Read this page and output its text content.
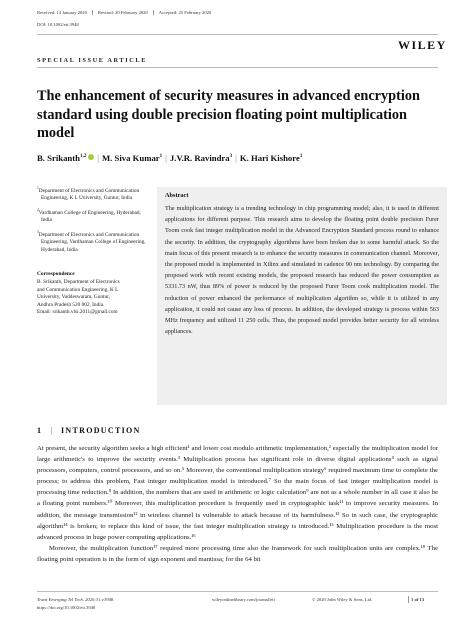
Received: 14 January 2020 Revised: 20 February 2020 Accepted: 25 February 2020
DOI: 10.1002/ett.3948
WILEY
SPECIAL ISSUE ARTICLE
The enhancement of security measures in advanced encryption standard using double precision floating point multiplication model
B. Srikanth$^{1,2}$ | M. Siva Kumar$^1$ | J.V.R. Ravindra$^3$ | K. Hari Kishore$^1$

$^1$Department of Electronics and Communication Engineering, K L University, Guntur, India

$^2$Vardhaman College of Engineering, Hyderabad, India

$^3$Department of Electronics and Communication Engineering, Vardhaman College of Engineering, Hyderabad, India

Correspondence
B. Srikanth, Department of Electronics
and Communication Engineering, K L
University, Vaddeswaram, Guntur,
Andhra Pradesh 520 002, India.
Email: srikanth.vlsi.2011@gmail.com
Abstract
The multiplication strategy is a trending technology in chip programming model; also, it is used in different applications for different purpose. This research aims to develop the floating point double precision Furer Toom cook fast integer multiplication model in the Advanced Encryption Standard process round to enhance the security. In addition, the cryptography algorithms have been broken due to some harmful attack. So the main focus of this present research is to enhance the security measures in communication channel. Moreover, the proposed model is implemented in Xilinx and simulated in cadence 90 nm technology. By comparing the proposed work with recent existing models, the proposed research has reduced the power consumption as 5331.73 nW, thus 89% of power is reduced by the proposed Furer Toom cook multiplication model. The reduction of power enhanced the performance of multiplication algorithm so, while it is utilized in any application, it could not cause any loss of process. In addition, the developed strategy is process within 563 MHz frequency and utilized 11 250 cells. Thus, the proposed model provides better security for all wireless appliances.
1 | INTRODUCTION

At present, the security algorithm seeks a high efficient¹ and lower cost modulo arithmetic implementation,² especially the multiplication model for large arithmetic's to improve the security events.³ Multiplication process has significant role in diverse digital applications⁴ such as signal processors, computers, control processors, and so on.⁵ Moreover, the conventional multiplication strategy⁶ required maximum time to complete the process; to address this problem, Fast integer multiplication model is introduced.⁷ So the main focus of fast integer multiplication model is processing time reduction.⁸ In addition, the numbers that are used in arithmetic or logic calculation⁹ are not as a whole number in all case it also be a floating point numbers.¹⁰ Moreover, this multiplication procedure is frequently used in cryptographic task¹¹ to improve security measures. In addition, the message transmission¹² in wireless channel is vulnerable to attack because of its harmfulness.¹³ So in such case, the cryptographic algorithm¹⁴ is broken; to replace this kind of issue, the fast integer multiplication strategy is introduced.¹⁵ Multiplication procedure is the most advanced process in huge power computing applications.¹⁶

Moreover, the multiplication function¹⁷ required more processing time also the framework for such multiplication units are complex.¹⁸ The floating point operation is in the form of sign exponent and mantissa; for the 64 bit

Trans Emerging Tel Tech. 2020;31:e3948.
https://doi.org/10.1002/ett.3948
wileyonlinelibrary.com/journal/ett	© 2020 John Wiley & Sons, Ltd.	1 of 13
